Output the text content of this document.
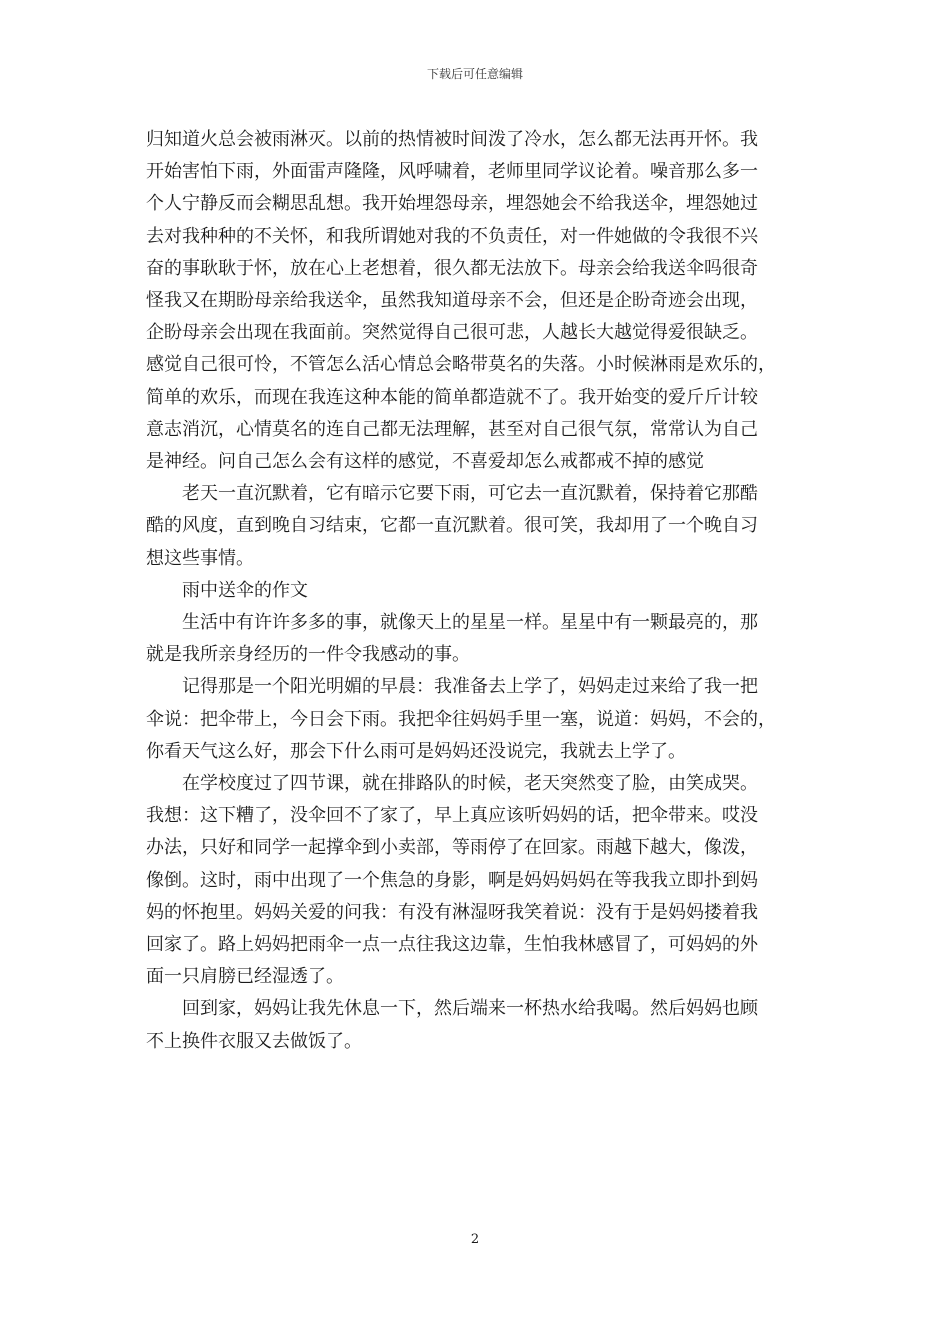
下载后可任意编辑

归知道火总会被雨淋灭。以前的热情被时间泼了冷水，怎么都无法再开怀。我
开始害怕下雨，外面雷声隆隆，风呼啸着，老师里同学议论着。噪音那么多一
个人宁静反而会糊思乱想。我开始埋怨母亲，埋怨她会不给我送伞，埋怨她过
去对我种种的不关怀，和我所谓她对我的不负责任，对一件她做的令我很不兴
奋的事耿耿于怀，放在心上老想着，很久都无法放下。母亲会给我送伞吗很奇
怪我又在期盼母亲给我送伞，虽然我知道母亲不会，但还是企盼奇迹会出现，
企盼母亲会出现在我面前。突然觉得自己很可悲，人越长大越觉得爱很缺乏。
感觉自己很可怜，不管怎么活心情总会略带莫名的失落。小时候淋雨是欢乐的，
简单的欢乐，而现在我连这种本能的简单都造就不了。我开始变的爱斤斤计较
意志消沉，心情莫名的连自己都无法理解，甚至对自己很气氛，常常认为自己
是神经。问自己怎么会有这样的感觉，不喜爱却怎么戒都戒不掉的感觉

　　老天一直沉默着，它有暗示它要下雨，可它去一直沉默着，保持着它那酷
酷的风度，直到晚自习结束，它都一直沉默着。很可笑，我却用了一个晚自习
想这些事情。

　　雨中送伞的作文

　　生活中有许许多多的事，就像天上的星星一样。星星中有一颗最亮的，那
就是我所亲身经历的一件令我感动的事。

　　记得那是一个阳光明媚的早晨：我准备去上学了，妈妈走过来给了我一把
伞说：把伞带上，今日会下雨。我把伞往妈妈手里一塞，说道：妈妈，不会的，
你看天气这么好，那会下什么雨可是妈妈还没说完，我就去上学了。

　　在学校度过了四节课，就在排路队的时候，老天突然变了脸，由笑成哭。
我想：这下糟了，没伞回不了家了，早上真应该听妈妈的话，把伞带来。哎没
办法，只好和同学一起撑伞到小卖部，等雨停了在回家。雨越下越大，像泼，
像倒。这时，雨中出现了一个焦急的身影，啊是妈妈妈妈在等我我立即扑到妈
妈的怀抱里。妈妈关爱的问我：有没有淋湿呀我笑着说：没有于是妈妈搂着我
回家了。路上妈妈把雨伞一点一点往我这边靠，生怕我林感冒了，可妈妈的外
面一只肩膀已经湿透了。

　　回到家，妈妈让我先休息一下，然后端来一杯热水给我喝。然后妈妈也顾
不上换件衣服又去做饭了。

2
